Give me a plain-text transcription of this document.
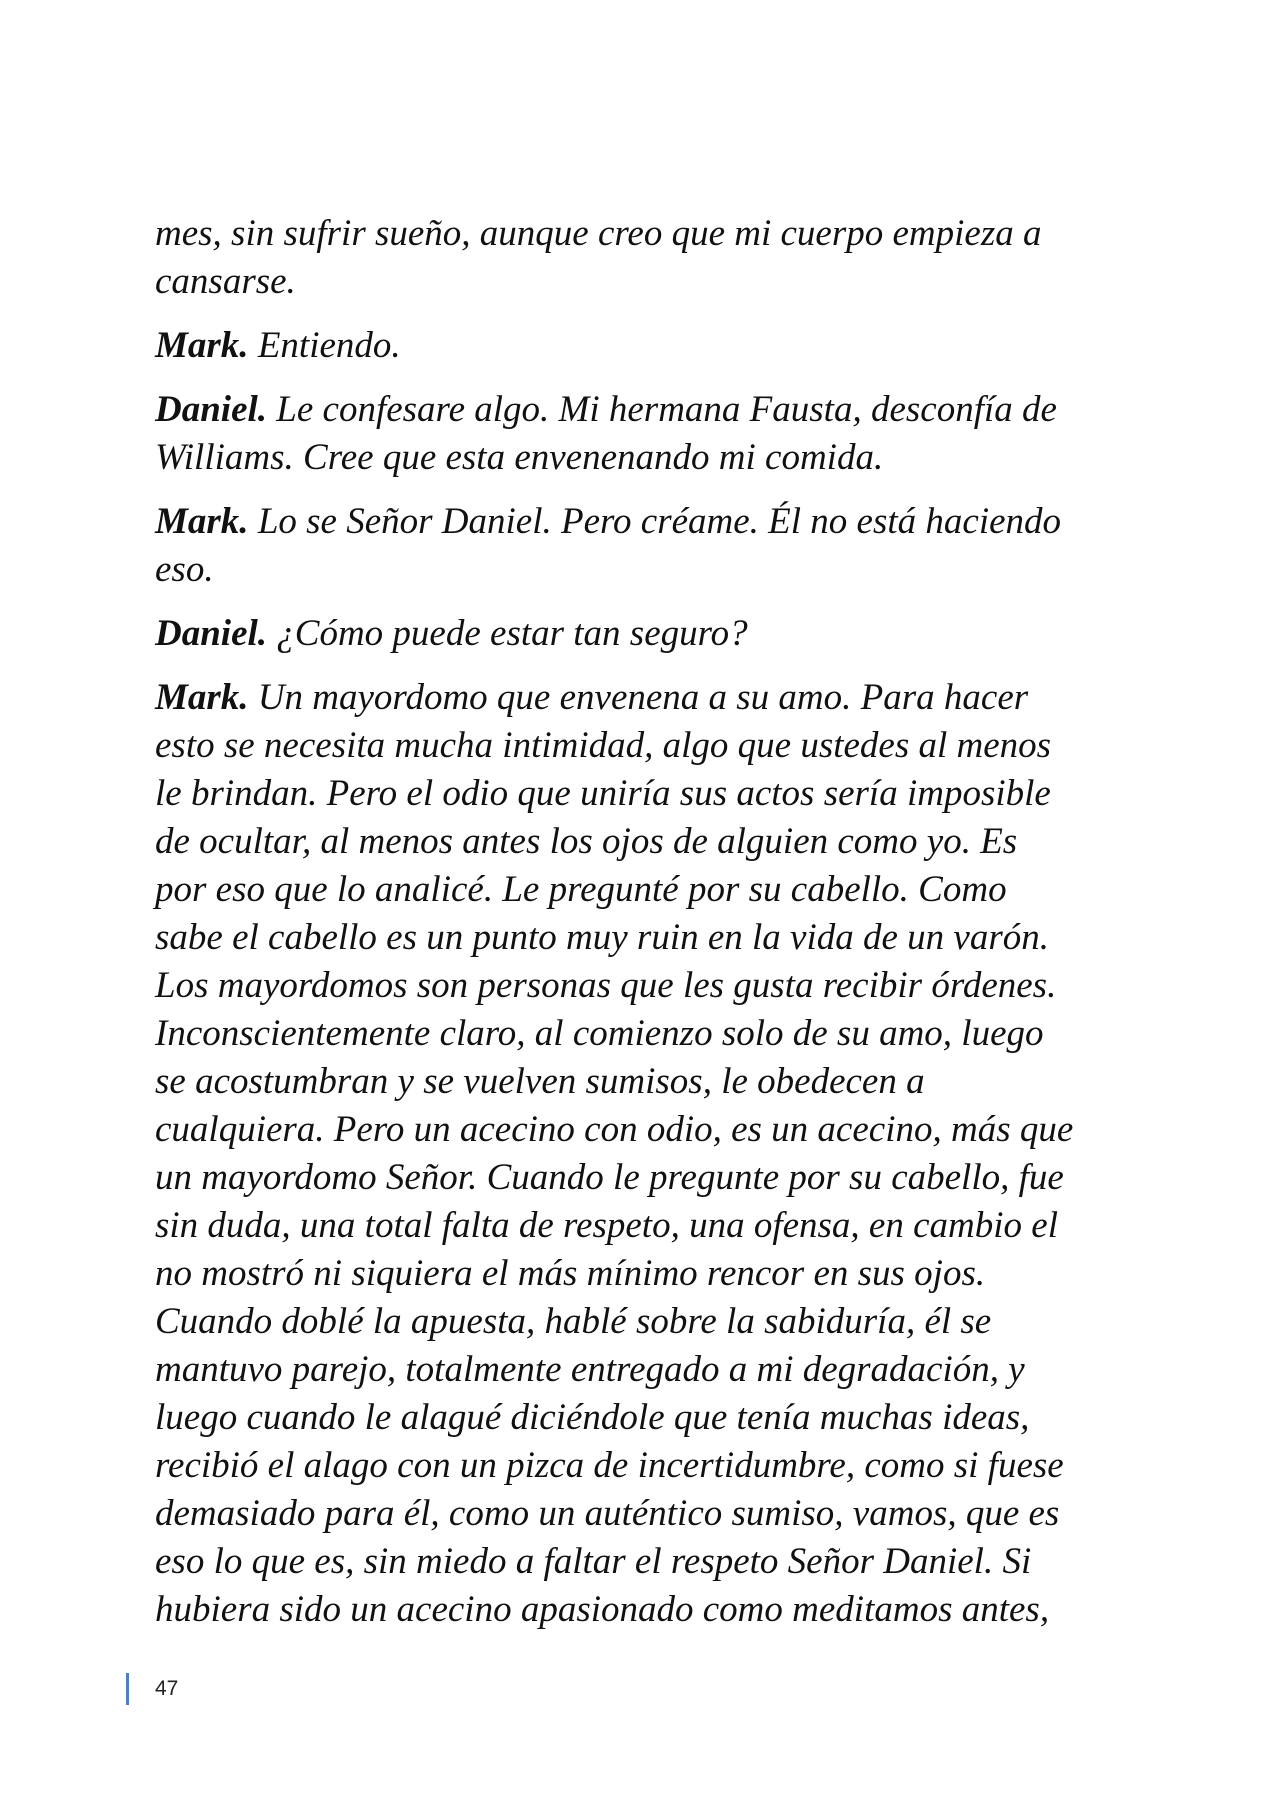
mes, sin sufrir sueño, aunque creo que mi cuerpo empieza a
cansarse.

Mark. Entiendo.

Daniel. Le confesare algo. Mi hermana Fausta, desconfía de
Williams. Cree que esta envenenando mi comida.

Mark. Lo se Señor Daniel. Pero créame. Él no está haciendo
eso.

Daniel. ¿Cómo puede estar tan seguro?

Mark. Un mayordomo que envenena a su amo. Para hacer
esto se necesita mucha intimidad, algo que ustedes al menos
le brindan. Pero el odio que uniría sus actos sería imposible
de ocultar, al menos antes los ojos de alguien como yo. Es
por eso que lo analicé. Le pregunté por su cabello. Como
sabe el cabello es un punto muy ruin en la vida de un varón.
Los mayordomos son personas que les gusta recibir órdenes.
Inconscientemente claro, al comienzo solo de su amo, luego
se acostumbran y se vuelven sumisos, le obedecen a
cualquiera. Pero un acecino con odio, es un acecino, más que
un mayordomo Señor. Cuando le pregunte por su cabello, fue
sin duda, una total falta de respeto, una ofensa, en cambio el
no mostró ni siquiera el más mínimo rencor en sus ojos.
Cuando doblé la apuesta, hablé sobre la sabiduría, él se
mantuvo parejo, totalmente entregado a mi degradación, y
luego cuando le alagué diciéndole que tenía muchas ideas,
recibió el alago con un pizca de incertidumbre, como si fuese
demasiado para él, como un auténtico sumiso, vamos, que es
eso lo que es, sin miedo a faltar el respeto Señor Daniel. Si
hubiera sido un acecino apasionado como meditamos antes,

47
